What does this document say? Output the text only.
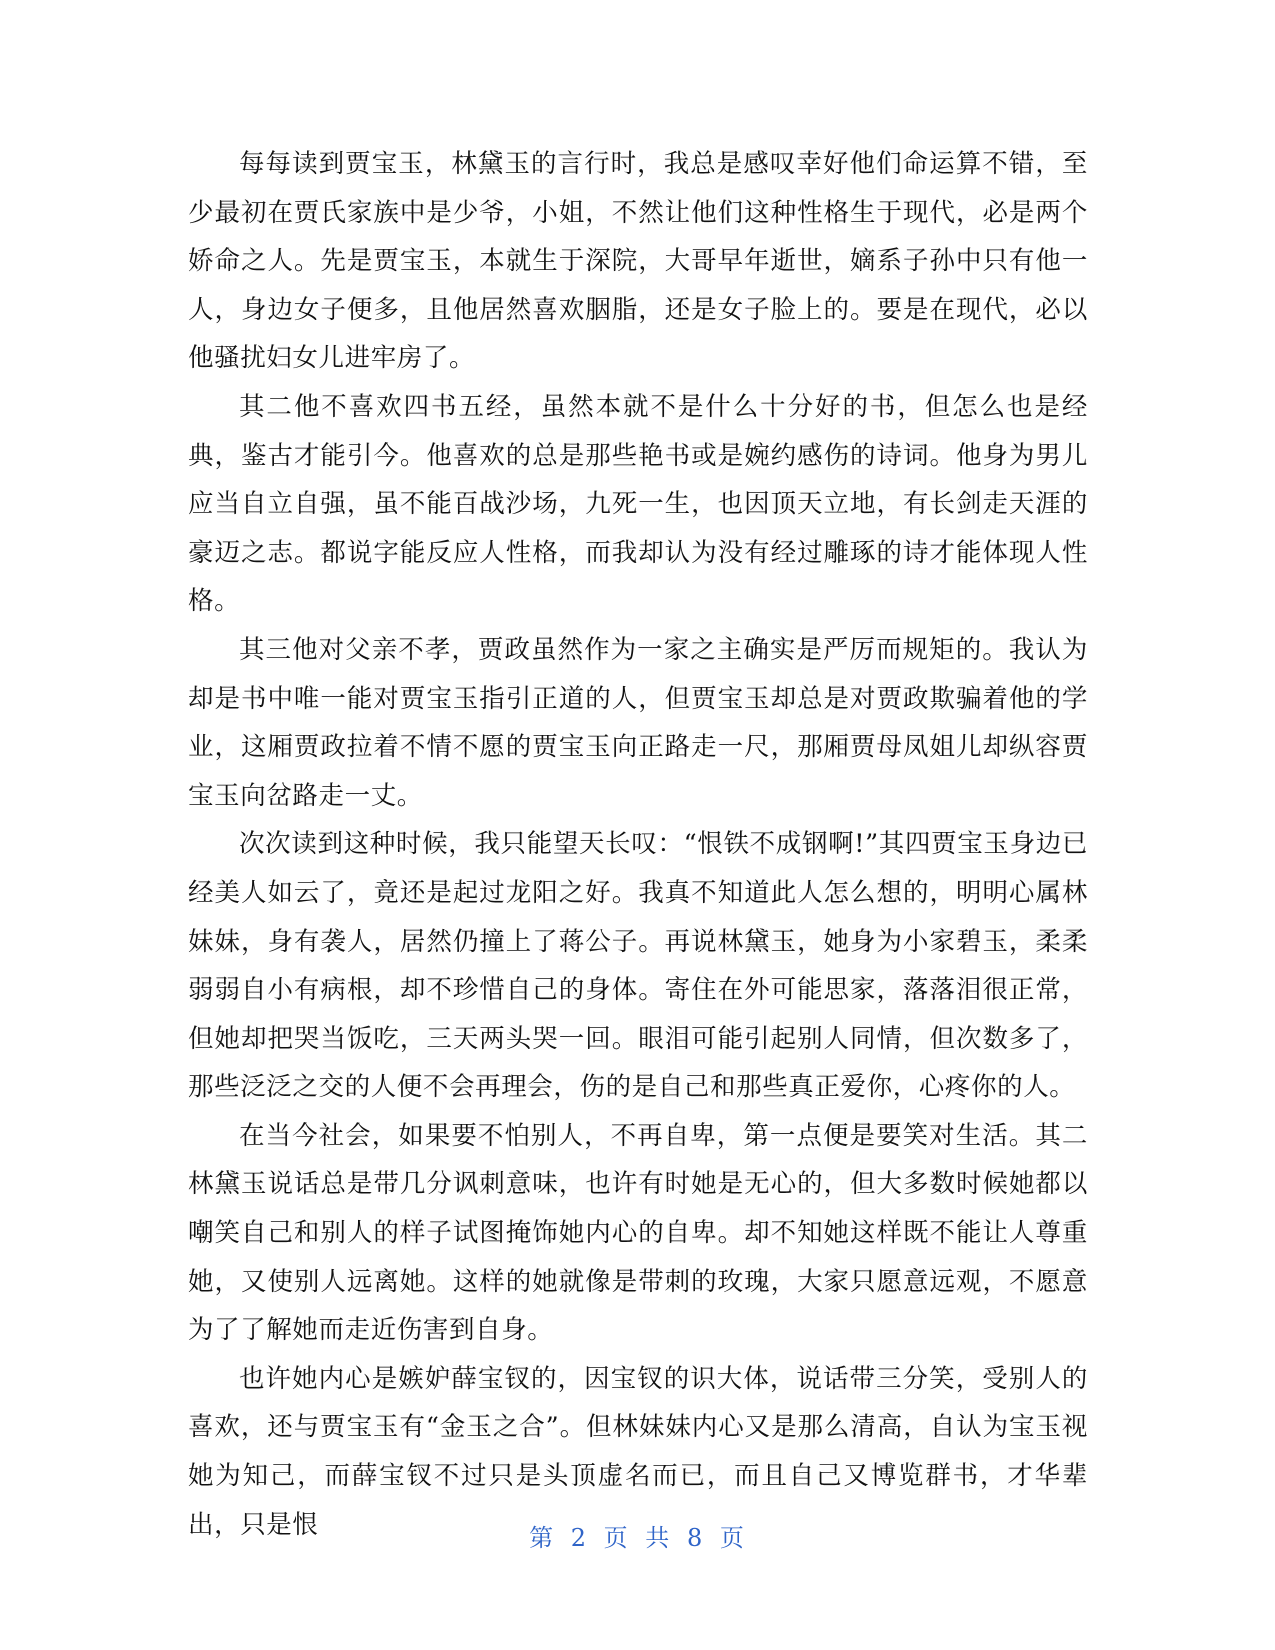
每每读到贾宝玉，林黛玉的言行时，我总是感叹幸好他们命运算不错，至少最初在贾氏家族中是少爷，小姐，不然让他们这种性格生于现代，必是两个娇命之人。先是贾宝玉，本就生于深院，大哥早年逝世，嫡系子孙中只有他一人，身边女子便多，且他居然喜欢胭脂，还是女子脸上的。要是在现代，必以他骚扰妇女儿进牢房了。

其二他不喜欢四书五经，虽然本就不是什么十分好的书，但怎么也是经典，鉴古才能引今。他喜欢的总是那些艳书或是婉约感伤的诗词。他身为男儿应当自立自强，虽不能百战沙场，九死一生，也因顶天立地，有长剑走天涯的豪迈之志。都说字能反应人性格，而我却认为没有经过雕琢的诗才能体现人性格。

其三他对父亲不孝，贾政虽然作为一家之主确实是严厉而规矩的。我认为却是书中唯一能对贾宝玉指引正道的人，但贾宝玉却总是对贾政欺骗着他的学业，这厢贾政拉着不情不愿的贾宝玉向正路走一尺，那厢贾母凤姐儿却纵容贾宝玉向岔路走一丈。

次次读到这种时候，我只能望天长叹：“恨铁不成钢啊!”其四贾宝玉身边已经美人如云了，竟还是起过龙阳之好。我真不知道此人怎么想的，明明心属林妹妹，身有袭人，居然仍撞上了蒋公子。再说林黛玉，她身为小家碧玉，柔柔弱弱自小有病根，却不珍惜自己的身体。寄住在外可能思家，落落泪很正常，但她却把哭当饭吃，三天两头哭一回。眼泪可能引起别人同情，但次数多了，那些泛泛之交的人便不会再理会，伤的是自己和那些真正爱你，心疼你的人。

在当今社会，如果要不怕别人，不再自卑，第一点便是要笑对生活。其二林黛玉说话总是带几分讽刺意味，也许有时她是无心的，但大多数时候她都以嘲笑自己和别人的样子试图掩饰她内心的自卑。却不知她这样既不能让人尊重她，又使别人远离她。这样的她就像是带刺的玫瑰，大家只愿意远观，不愿意为了了解她而走近伤害到自身。

也许她内心是嫉妒薛宝钗的，因宝钗的识大体，说话带三分笑，受别人的喜欢，还与贾宝玉有“金玉之合”。但林妹妹内心又是那么清高，自认为宝玉视她为知己，而薛宝钗不过只是头顶虚名而已，而且自己又博览群书，才华辈出，只是恨	第 2 页 共 8 页
